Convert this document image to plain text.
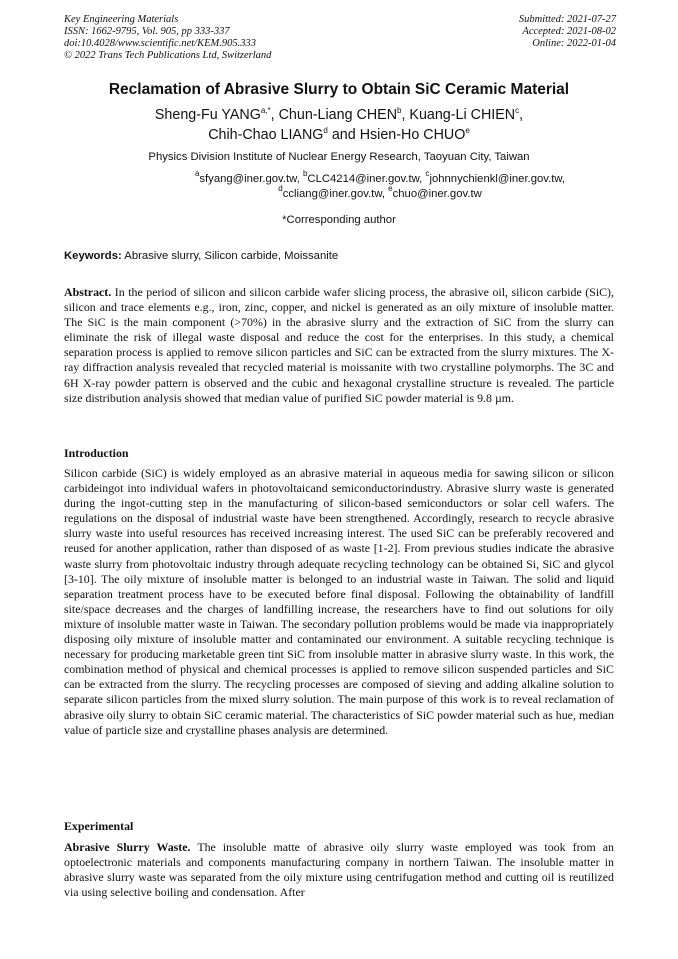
Key Engineering Materials
ISSN: 1662-9795, Vol. 905, pp 333-337
doi:10.4028/www.scientific.net/KEM.905.333
© 2022 Trans Tech Publications Ltd, Switzerland
Submitted: 2021-07-27
Accepted: 2021-08-02
Online: 2022-01-04
Reclamation of Abrasive Slurry to Obtain SiC Ceramic Material
Sheng-Fu $YANG^{a,*}$, Chun-Liang CHEN$^b$, Kuang-Li CHIEN$^c$,
Chih-Chao LIANG$^d$ and Hsien-Ho CHUO$^e$
Physics Division Institute of Nuclear Energy Research, Taoyuan City, Taiwan
$^a$sfyang@iner.gov.tw, $^b$CLC4214@iner.gov.tw, $^c$johnnychienkl@iner.gov.tw,
$^d$ccliang@iner.gov.tw, $^e$chuo@iner.gov.tw
*Corresponding author
Keywords: Abrasive slurry, Silicon carbide, Moissanite

Abstract. In the period of silicon and silicon carbide wafer slicing process, the abrasive oil, silicon carbide (SiC), silicon and trace elements e.g., iron, zinc, copper, and nickel is generated as an oily mixture of insoluble matter. The SiC is the main component (>70%) in the abrasive slurry and the extraction of SiC from the slurry can eliminate the risk of illegal waste disposal and reduce the cost for the enterprises. In this study, a chemical separation process is applied to remove silicon particles and SiC can be extracted from the slurry mixtures. The X-ray diffraction analysis revealed that recycled material is moissanite with two crystalline polymorphs. The 3C and 6H X-ray powder pattern is observed and the cubic and hexagonal crystalline structure is revealed. The particle size distribution analysis showed that median value of purified SiC powder material is 9.8 µm.

Introduction

Silicon carbide (SiC) is widely employed as an abrasive material in aqueous media for sawing silicon or silicon carbideingot into individual wafers in photovoltaicand semiconductorindustry. Abrasive slurry waste is generated during the ingot-cutting step in the manufacturing of silicon-based semiconductors or solar cell wafers. The regulations on the disposal of industrial waste have been strengthened. Accordingly, research to recycle abrasive slurry waste into useful resources has received increasing interest. The used SiC can be preferably recovered and reused for another application, rather than disposed of as waste [1-2]. From previous studies indicate the abrasive waste slurry from photovoltaic industry through adequate recycling technology can be obtained Si, SiC and glycol [3-10]. The oily mixture of insoluble matter is belonged to an industrial waste in Taiwan. The solid and liquid separation treatment process have to be executed before final disposal. Following the obtainability of landfill site/space decreases and the charges of landfilling increase, the researchers have to find out solutions for oily mixture of insoluble matter waste in Taiwan. The secondary pollution problems would be made via inappropriately disposing oily mixture of insoluble matter and contaminated our environment. A suitable recycling technique is necessary for producing marketable green tint SiC from insoluble matter in abrasive slurry waste. In this work, the combination method of physical and chemical processes is applied to remove silicon suspended particles and SiC can be extracted from the slurry. The recycling processes are composed of sieving and adding alkaline solution to separate silicon particles from the mixed slurry solution. The main purpose of this work is to reveal reclamation of abrasive oily slurry to obtain SiC ceramic material. The characteristics of SiC powder material such as hue, median value of particle size and crystalline phases analysis are determined.

Experimental

Abrasive Slurry Waste. The insoluble matte of abrasive oily slurry waste employed was took from an optoelectronic materials and components manufacturing company in northern Taiwan. The insoluble matter in abrasive slurry waste was separated from the oily mixture using centrifugation method and cutting oil is reutilized via using selective boiling and condensation. After
